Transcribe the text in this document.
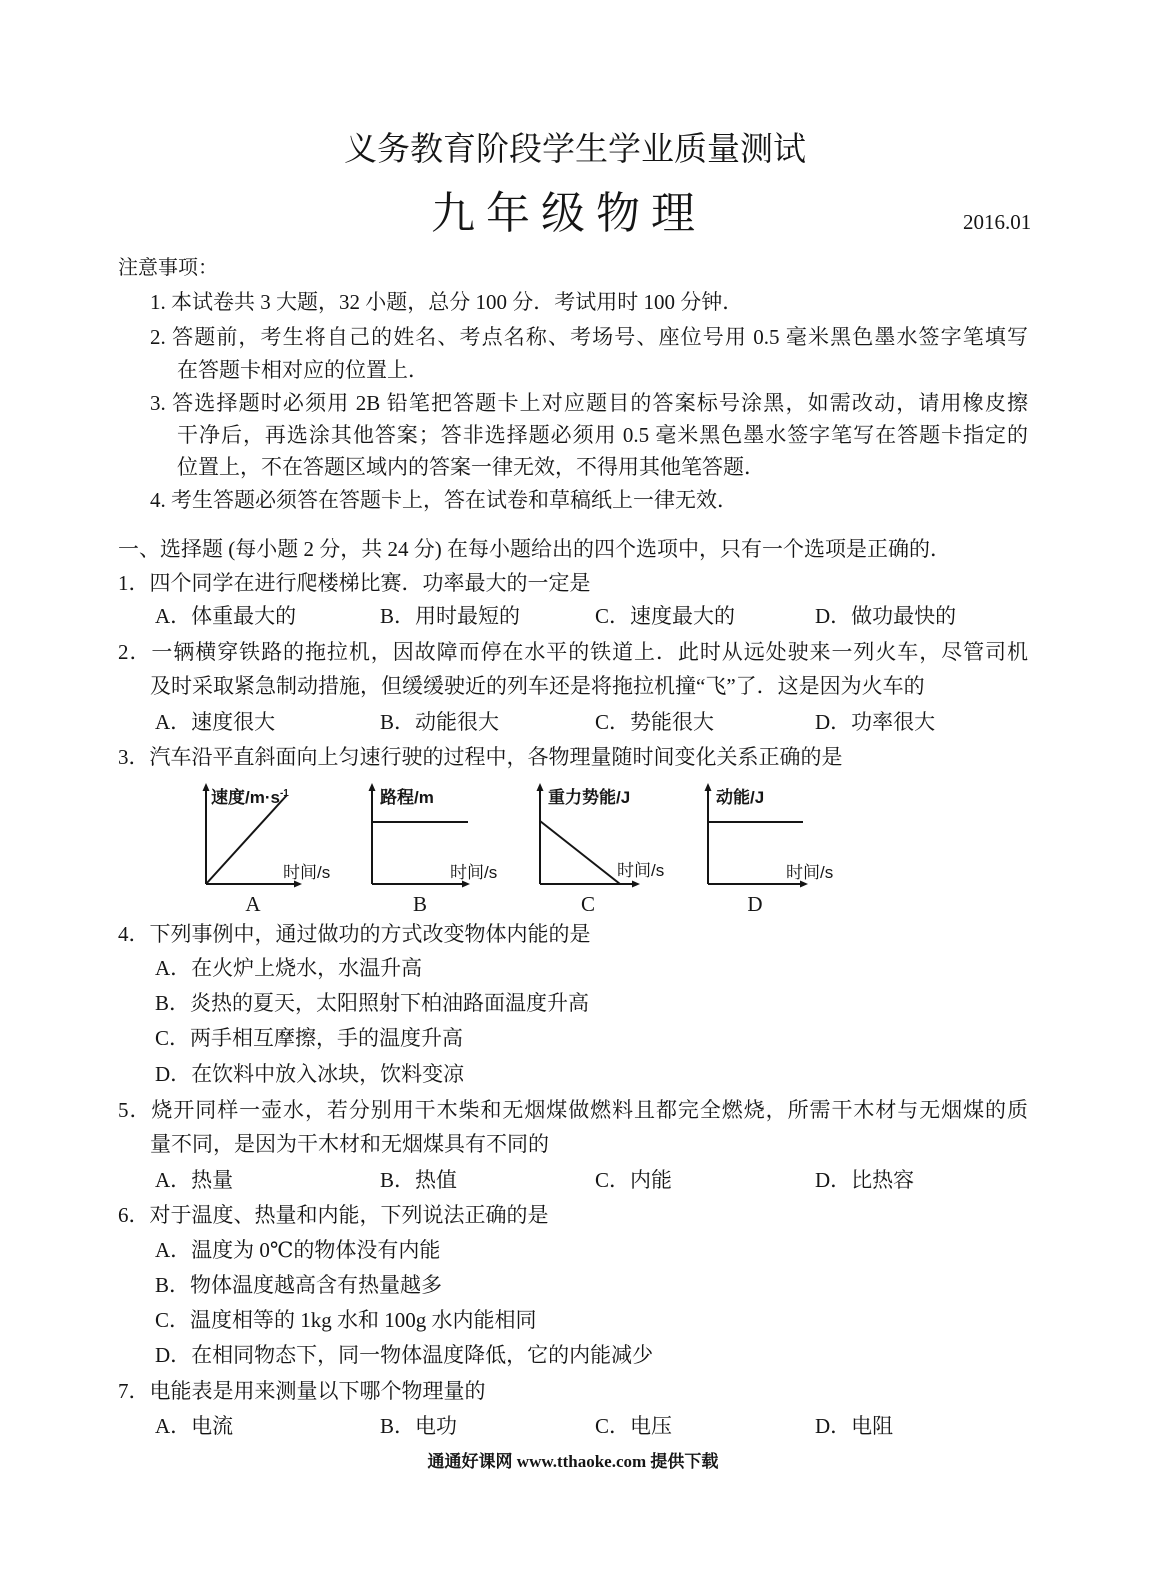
义务教育阶段学生学业质量测试
九 年 级 物 理	2016.01
注意事项：
1. 本试卷共 3 大题，32 小题，总分 100 分．考试用时 100 分钟．
2. 答题前，考生将自己的姓名、考点名称、考场号、座位号用 0.5 毫米黑色墨水签字笔填写
在答题卡相对应的位置上．
3. 答选择题时必须用 2B 铅笔把答题卡上对应题目的答案标号涂黑，如需改动，请用橡皮擦
干净后，再选涂其他答案；答非选择题必须用 0.5 毫米黑色墨水签字笔写在答题卡指定的
位置上，不在答题区域内的答案一律无效，不得用其他笔答题．
4. 考生答题必须答在答题卡上，答在试卷和草稿纸上一律无效．
一、选择题 (每小题 2 分，共 24 分) 在每小题给出的四个选项中，只有一个选项是正确的．
1．四个同学在进行爬楼梯比赛．功率最大的一定是
A．体重最大的	B．用时最短的	C．速度最大的	D．做功最快的
2．一辆横穿铁路的拖拉机，因故障而停在水平的铁道上．此时从远处驶来一列火车，尽管司机
及时采取紧急制动措施，但缓缓驶近的列车还是将拖拉机撞“飞”了．这是因为火车的
A．速度很大	B．动能很大	C．势能很大	D．功率很大
3．汽车沿平直斜面向上匀速行驶的过程中，各物理量随时间变化关系正确的是
速度$/m\cdot s^{-1}$
时间/s
A
路程/m
时间/s
B
重力势能/J
时间/s
C
动能/J
时间/s
D
4．下列事例中，通过做功的方式改变物体内能的是
A．在火炉上烧水，水温升高
B．炎热的夏天，太阳照射下柏油路面温度升高
C．两手相互摩擦，手的温度升高
D．在饮料中放入冰块，饮料变凉
5．烧开同样一壶水，若分别用干木柴和无烟煤做燃料且都完全燃烧，所需干木材与无烟煤的质
量不同，是因为干木材和无烟煤具有不同的
A．热量	B．热值	C．内能	D．比热容
6．对于温度、热量和内能，下列说法正确的是
A．温度为 0℃的物体没有内能
B．物体温度越高含有热量越多
C．温度相等的 1kg 水和 100g 水内能相同
D．在相同物态下，同一物体温度降低，它的内能减少
7．电能表是用来测量以下哪个物理量的
A．电流	B．电功	C．电压	D．电阻
通通好课网 www.tthaoke.com 提供下载
